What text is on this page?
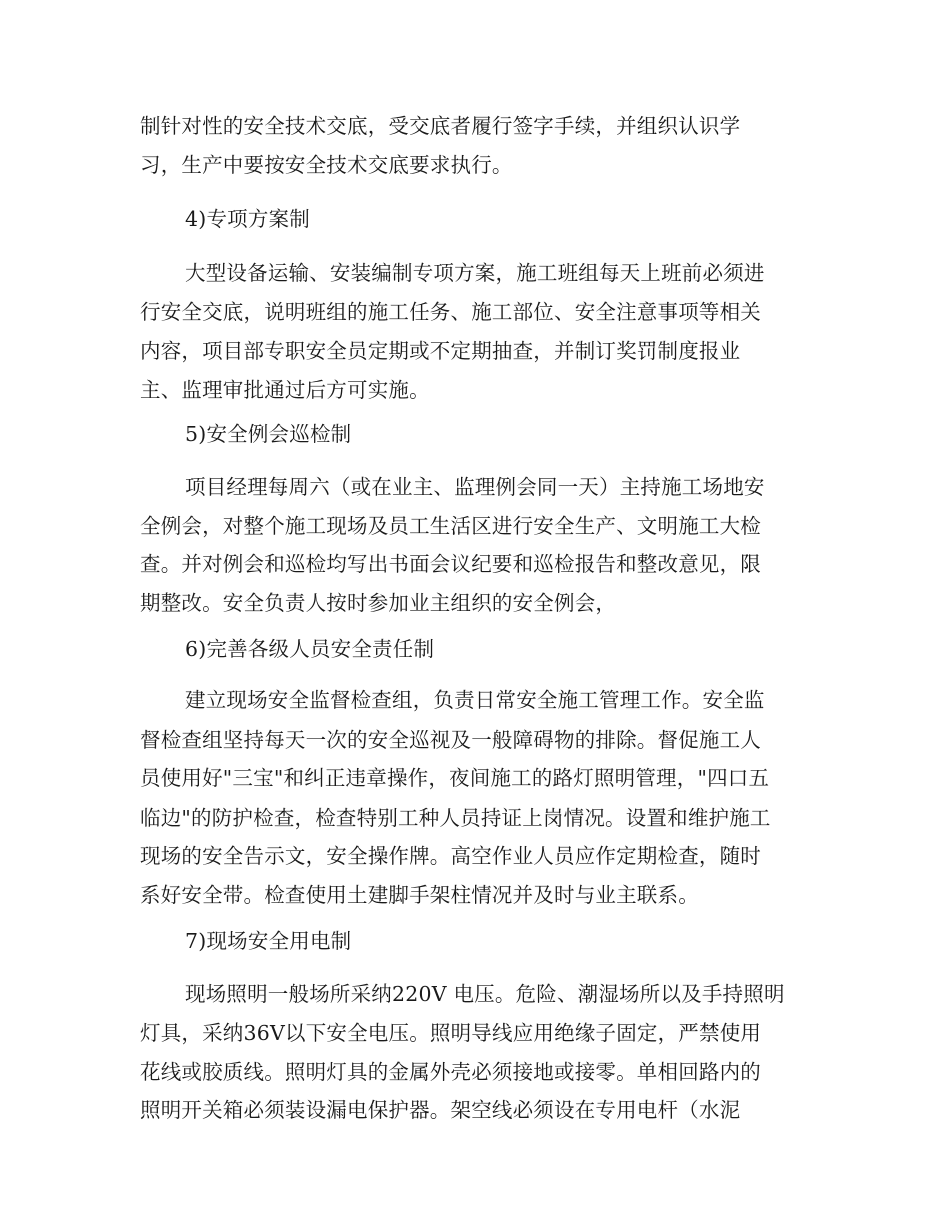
制针对性的安全技术交底，受交底者履行签字手续，并组织认识学
习，生产中要按安全技术交底要求执行。
4)专项方案制
大型设备运输、安装编制专项方案，施工班组每天上班前必须进
行安全交底，说明班组的施工任务、施工部位、安全注意事项等相关
内容，项目部专职安全员定期或不定期抽查，并制订奖罚制度报业
主、监理审批通过后方可实施。
5)安全例会巡检制
项目经理每周六（或在业主、监理例会同一天）主持施工场地安
全例会，对整个施工现场及员工生活区进行安全生产、文明施工大检
查。并对例会和巡检均写出书面会议纪要和巡检报告和整改意见，限
期整改。安全负责人按时参加业主组织的安全例会，
6)完善各级人员安全责任制
建立现场安全监督检查组，负责日常安全施工管理工作。安全监
督检查组坚持每天一次的安全巡视及一般障碍物的排除。督促施工人
员使用好"三宝"和纠正违章操作，夜间施工的路灯照明管理，"四口五
临边"的防护检查，检查特别工种人员持证上岗情况。设置和维护施工
现场的安全告示文，安全操作牌。高空作业人员应作定期检查，随时
系好安全带。检查使用土建脚手架柱情况并及时与业主联系。
7)现场安全用电制
现场照明一般场所采纳220V 电压。危险、潮湿场所以及手持照明
灯具，采纳36V以下安全电压。照明导线应用绝缘子固定，严禁使用
花线或胶质线。照明灯具的金属外壳必须接地或接零。单相回路内的
照明开关箱必须装设漏电保护器。架空线必须设在专用电杆（水泥
